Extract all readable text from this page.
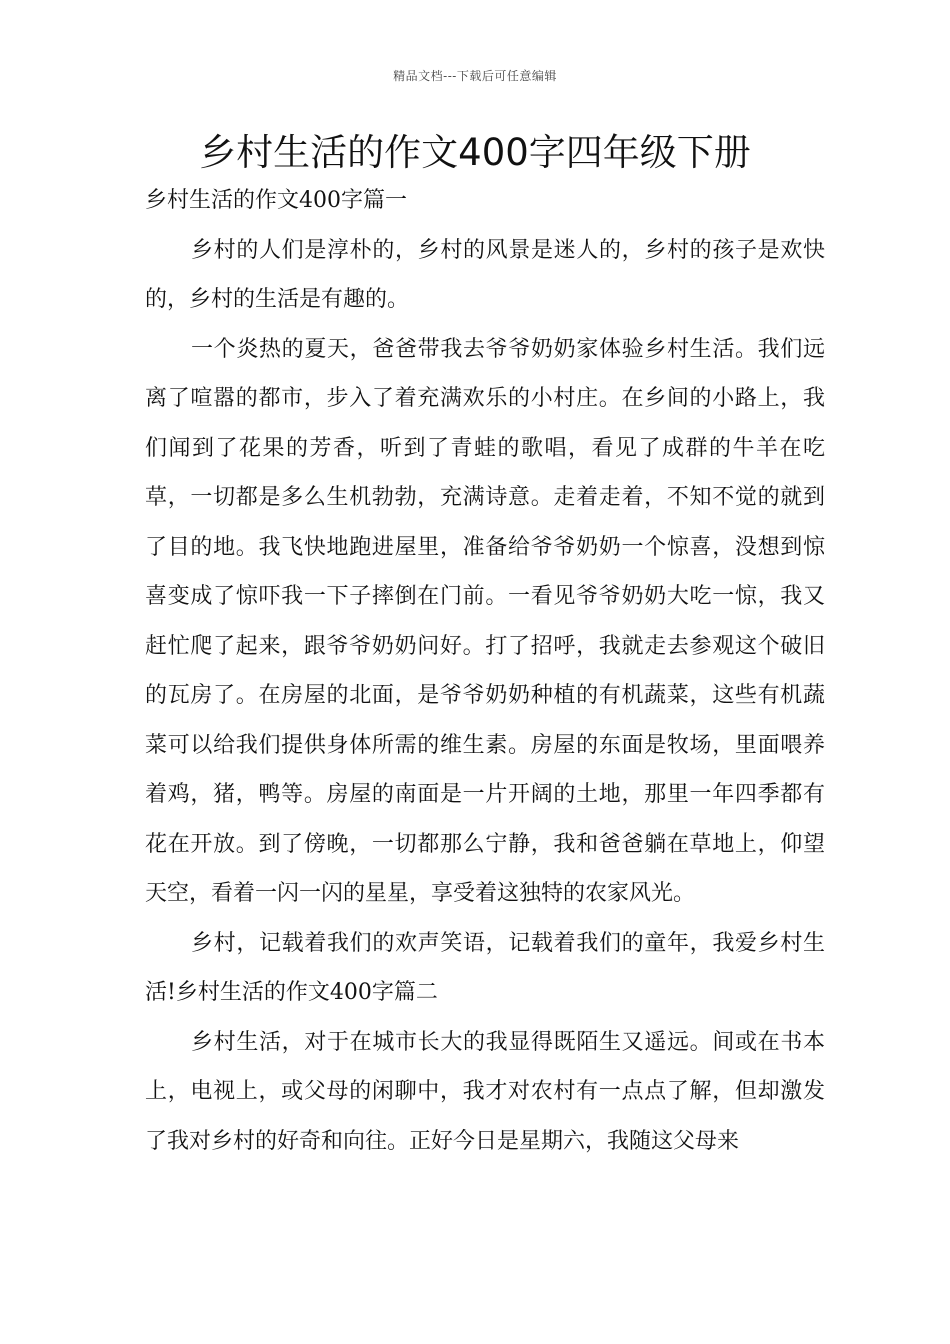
精品文档---下载后可任意编辑
乡村生活的作文400字四年级下册

乡村生活的作文400字篇一

乡村的人们是淳朴的，乡村的风景是迷人的，乡村的孩子是欢快的，乡村的生活是有趣的。

一个炎热的夏天，爸爸带我去爷爷奶奶家体验乡村生活。我们远离了喧嚣的都市，步入了着充满欢乐的小村庄。在乡间的小路上，我们闻到了花果的芳香，听到了青蛙的歌唱，看见了成群的牛羊在吃草，一切都是多么生机勃勃，充满诗意。走着走着，不知不觉的就到了目的地。我飞快地跑进屋里，准备给爷爷奶奶一个惊喜，没想到惊喜变成了惊吓我一下子摔倒在门前。一看见爷爷奶奶大吃一惊，我又赶忙爬了起来，跟爷爷奶奶问好。打了招呼，我就走去参观这个破旧的瓦房了。在房屋的北面，是爷爷奶奶种植的有机蔬菜，这些有机蔬菜可以给我们提供身体所需的维生素。房屋的东面是牧场，里面喂养着鸡，猪，鸭等。房屋的南面是一片开阔的土地，那里一年四季都有花在开放。到了傍晚，一切都那么宁静，我和爸爸躺在草地上，仰望天空，看着一闪一闪的星星，享受着这独特的农家风光。

乡村，记载着我们的欢声笑语，记载着我们的童年，我爱乡村生活!乡村生活的作文400字篇二

乡村生活，对于在城市长大的我显得既陌生又遥远。间或在书本上，电视上，或父母的闲聊中，我才对农村有一点点了解，但却激发了我对乡村的好奇和向往。正好今日是星期六，我随这父母来
